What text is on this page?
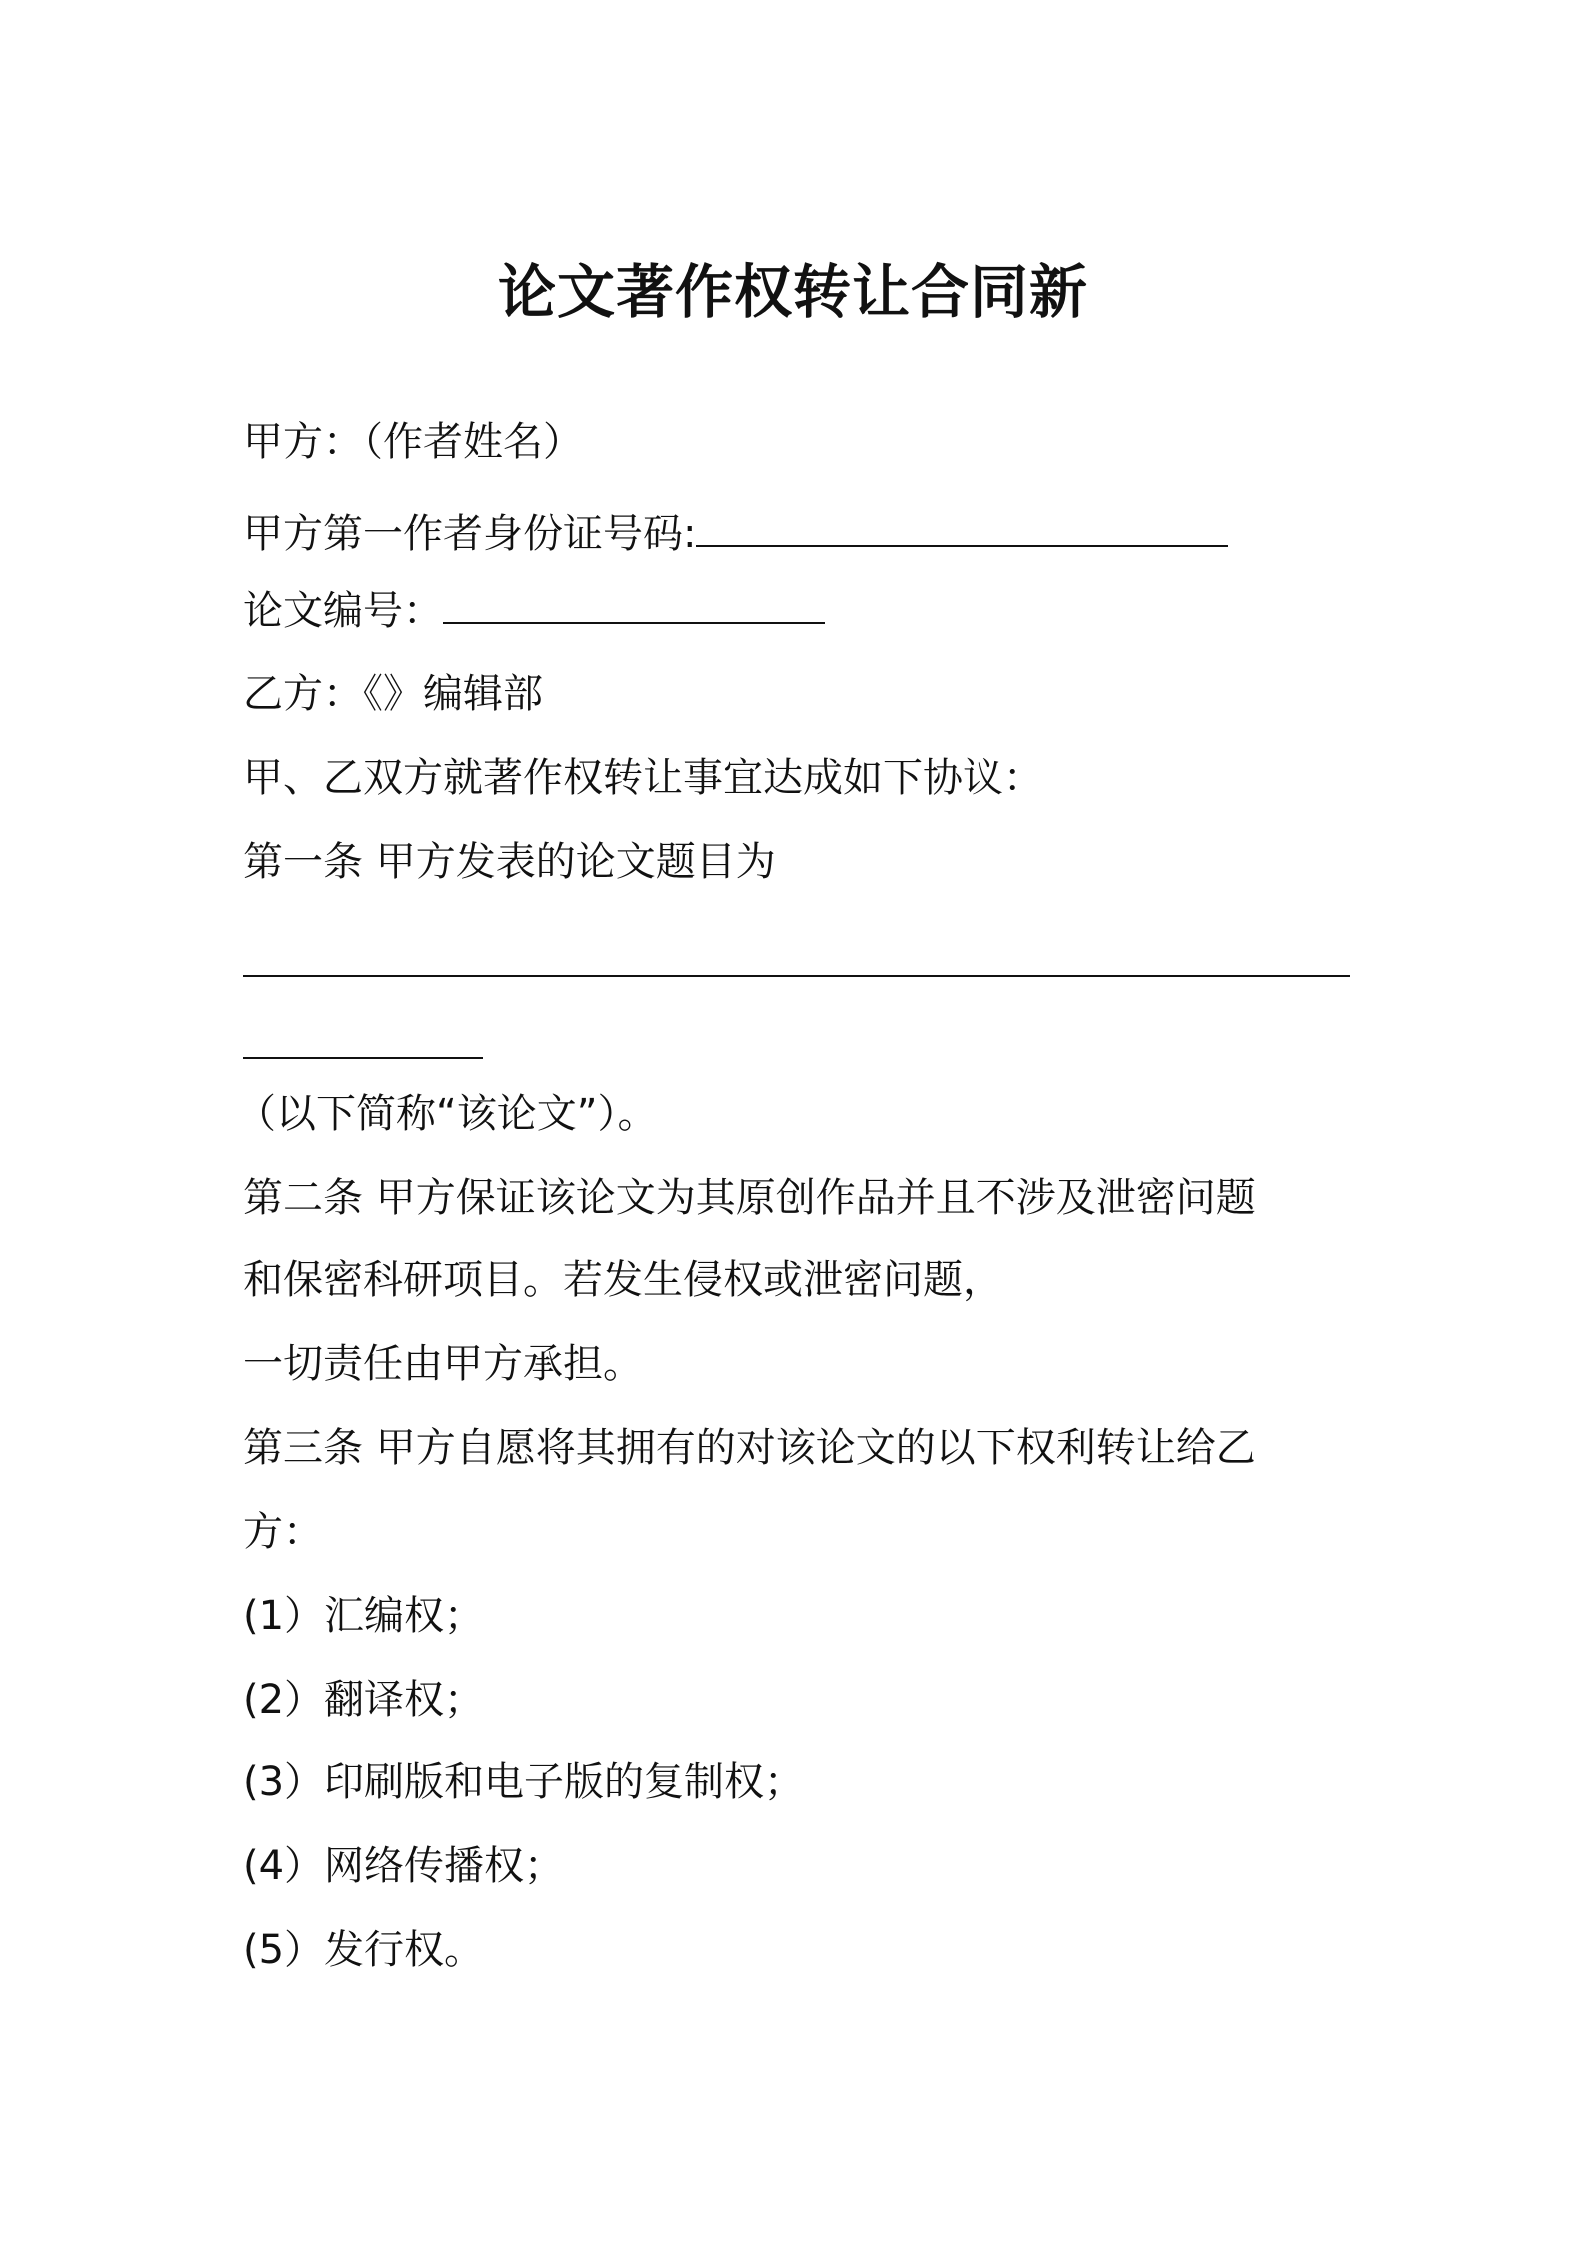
论文著作权转让合同新
甲方：（作者姓名）
甲方第一作者身份证号码:
论文编号：
乙方：《》编辑部
甲、乙双方就著作权转让事宜达成如下协议：
第一条 甲方发表的论文题目为
（以下简称“该论文”）。
第二条 甲方保证该论文为其原创作品并且不涉及泄密问题
和保密科研项目。若发生侵权或泄密问题，
一切责任由甲方承担。
第三条 甲方自愿将其拥有的对该论文的以下权利转让给乙
方：
(1）汇编权；
(2）翻译权；
(3）印刷版和电子版的复制权；
(4）网络传播权；
(5）发行权。
